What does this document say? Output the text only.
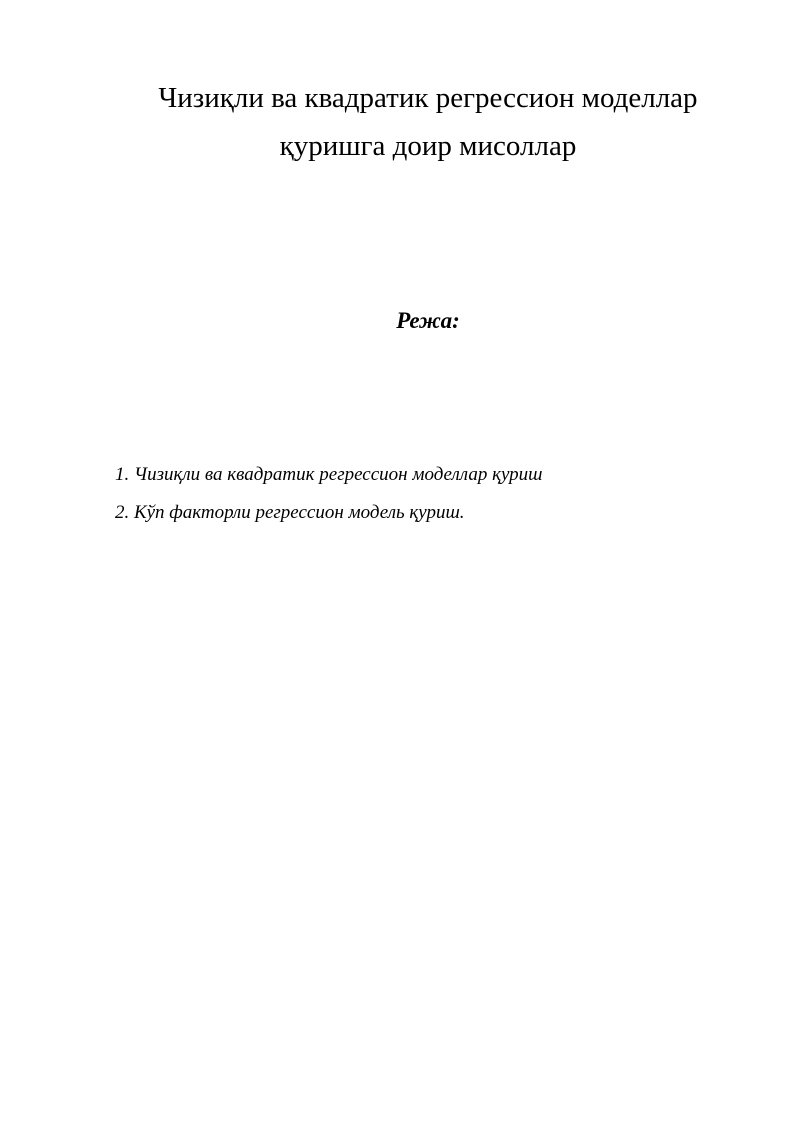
Чизиқли ва квадратик регрессион моделлар
қуришга доир мисоллар
Режа:
1. Чизиқли ва квадратик регрессион моделлар қуриш
2. Кўп факторли регрессион модель қуриш.
